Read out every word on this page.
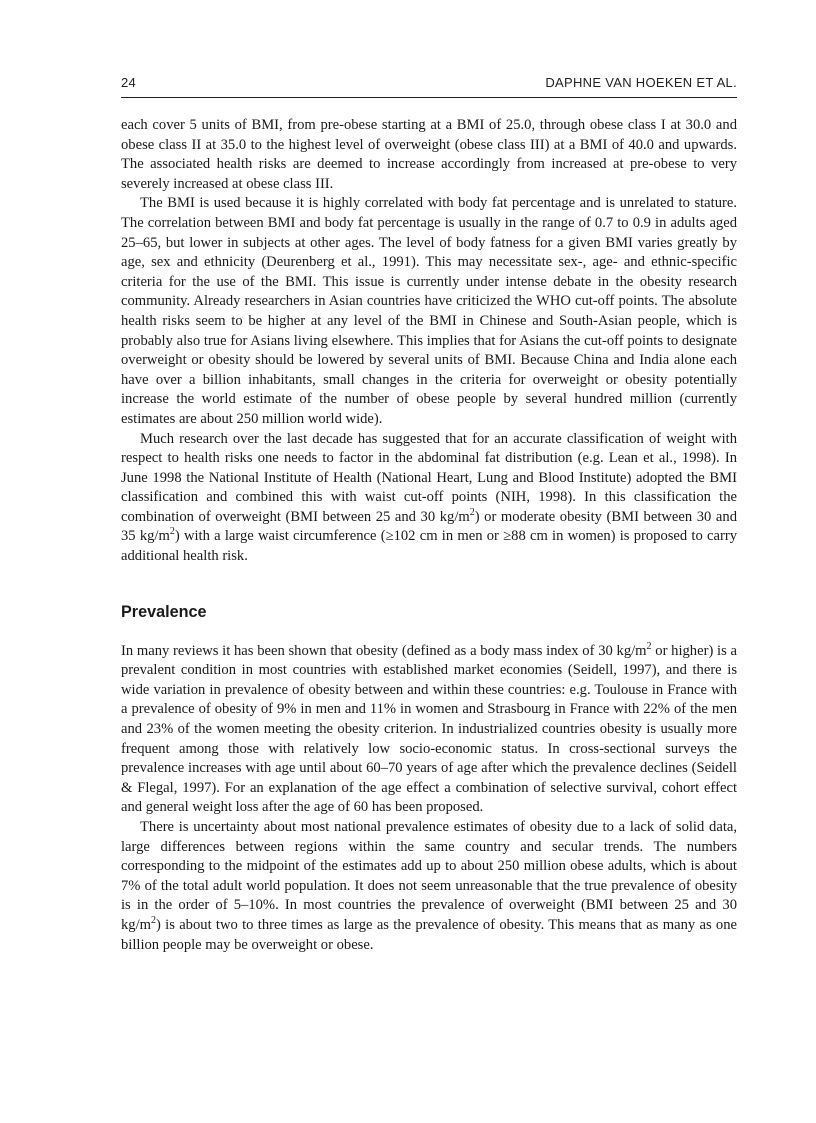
24	DAPHNE VAN HOEKEN ET AL.

each cover 5 units of BMI, from pre-obese starting at a BMI of 25.0, through obese class I at 30.0 and obese class II at 35.0 to the highest level of overweight (obese class III) at a BMI of 40.0 and upwards. The associated health risks are deemed to increase accordingly from increased at pre-obese to very severely increased at obese class III.

The BMI is used because it is highly correlated with body fat percentage and is unrelated to stature. The correlation between BMI and body fat percentage is usually in the range of 0.7 to 0.9 in adults aged 25–65, but lower in subjects at other ages. The level of body fatness for a given BMI varies greatly by age, sex and ethnicity (Deurenberg et al., 1991). This may necessitate sex-, age- and ethnic-specific criteria for the use of the BMI. This issue is currently under intense debate in the obesity research community. Already researchers in Asian countries have criticized the WHO cut-off points. The absolute health risks seem to be higher at any level of the BMI in Chinese and South-Asian people, which is probably also true for Asians living elsewhere. This implies that for Asians the cut-off points to designate overweight or obesity should be lowered by several units of BMI. Because China and India alone each have over a billion inhabitants, small changes in the criteria for overweight or obesity potentially increase the world estimate of the number of obese people by several hundred million (currently estimates are about 250 million world wide).

Much research over the last decade has suggested that for an accurate classification of weight with respect to health risks one needs to factor in the abdominal fat distribution (e.g. Lean et al., 1998). In June 1998 the National Institute of Health (National Heart, Lung and Blood Institute) adopted the BMI classification and combined this with waist cut-off points (NIH, 1998). In this classification the combination of overweight (BMI between 25 and 30 $kg/m^2$) or moderate obesity (BMI between 30 and 35 $kg/m^2$) with a large waist circumference (≥102 cm in men or ≥88 cm in women) is proposed to carry additional health risk.

Prevalence

In many reviews it has been shown that obesity (defined as a body mass index of 30 $kg/m^2$ or higher) is a prevalent condition in most countries with established market economies (Seidell, 1997), and there is wide variation in prevalence of obesity between and within these countries: e.g. Toulouse in France with a prevalence of obesity of 9% in men and 11% in women and Strasbourg in France with 22% of the men and 23% of the women meeting the obesity criterion. In industrialized countries obesity is usually more frequent among those with relatively low socio-economic status. In cross-sectional surveys the prevalence increases with age until about 60–70 years of age after which the prevalence declines (Seidell & Flegal, 1997). For an explanation of the age effect a combination of selective survival, cohort effect and general weight loss after the age of 60 has been proposed.

There is uncertainty about most national prevalence estimates of obesity due to a lack of solid data, large differences between regions within the same country and secular trends. The numbers corresponding to the midpoint of the estimates add up to about 250 million obese adults, which is about 7% of the total adult world population. It does not seem unreasonable that the true prevalence of obesity is in the order of 5–10%. In most countries the prevalence of overweight (BMI between 25 and 30 $kg/m^2$) is about two to three times as large as the prevalence of obesity. This means that as many as one billion people may be overweight or obese.
